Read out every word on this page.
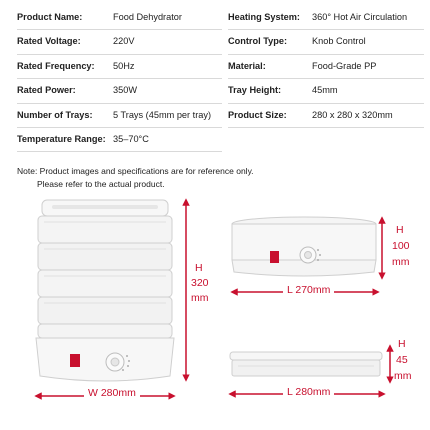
Product Name:	Food Dehydrator
Rated Voltage:	220V
Rated Frequency: 50Hz
Rated Power:	350W
Number of Trays: 5 Trays (45mm per tray)
Temperature Range: 35–70°C
Heating System: 360° Hot Air Circulation
Control Type:	Knob Control
Material:	Food-Grade PP
Tray Height:	45mm
Product Size:	280 x 280 x 320mm
Note: Product images and specifications are for reference only.
Please refer to the actual product.
H
320
mm
W 280mm
H
100
mm
L 270mm
H
45
mm
L 280mm
